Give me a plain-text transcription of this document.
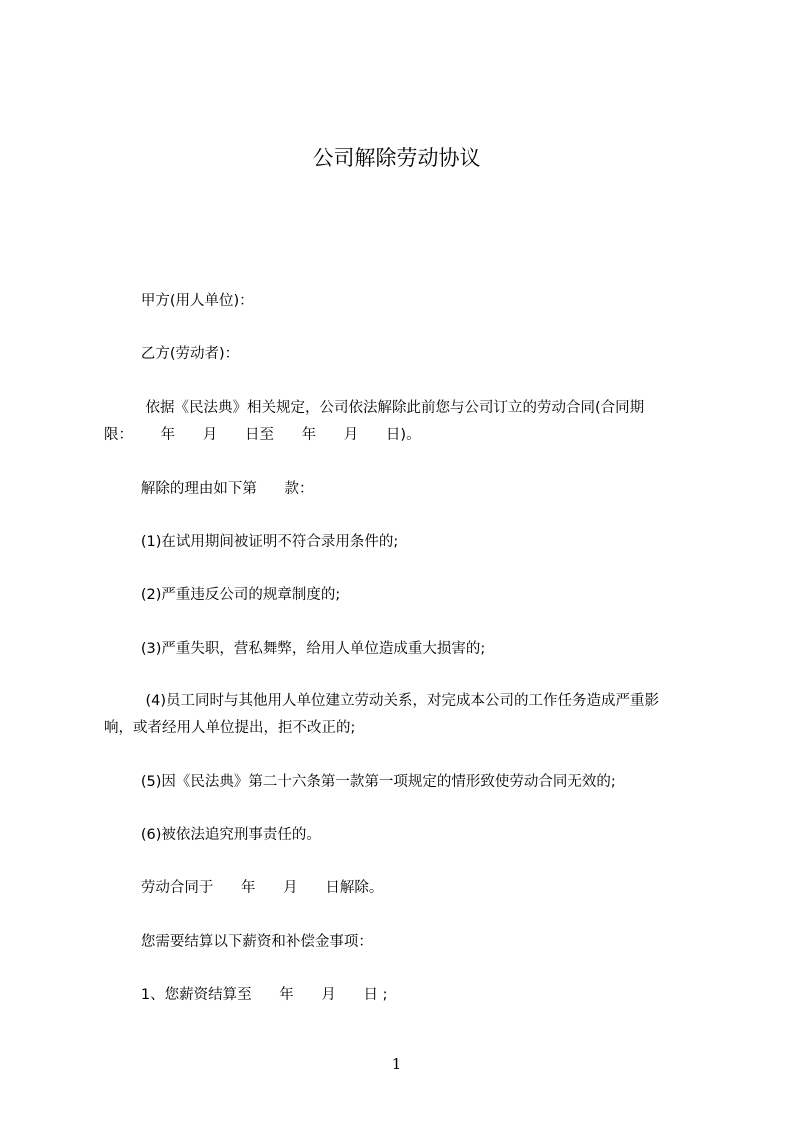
公司解除劳动协议
甲方(用人单位)：
乙方(劳动者)：
依据《民法典》相关规定，公司依法解除此前您与公司订立的劳动合同(合同期
限：      年      月      日至      年      月      日)。
解除的理由如下第      款：
(1)在试用期间被证明不符合录用条件的;
(2)严重违反公司的规章制度的;
(3)严重失职，营私舞弊，给用人单位造成重大损害的;
(4)员工同时与其他用人单位建立劳动关系，对完成本公司的工作任务造成严重影
响，或者经用人单位提出，拒不改正的;
(5)因《民法典》第二十六条第一款第一项规定的情形致使劳动合同无效的;
(6)被依法追究刑事责任的。
劳动合同于      年      月      日解除。
您需要结算以下薪资和补偿金事项：
1、您薪资结算至      年      月      日 ;
1
